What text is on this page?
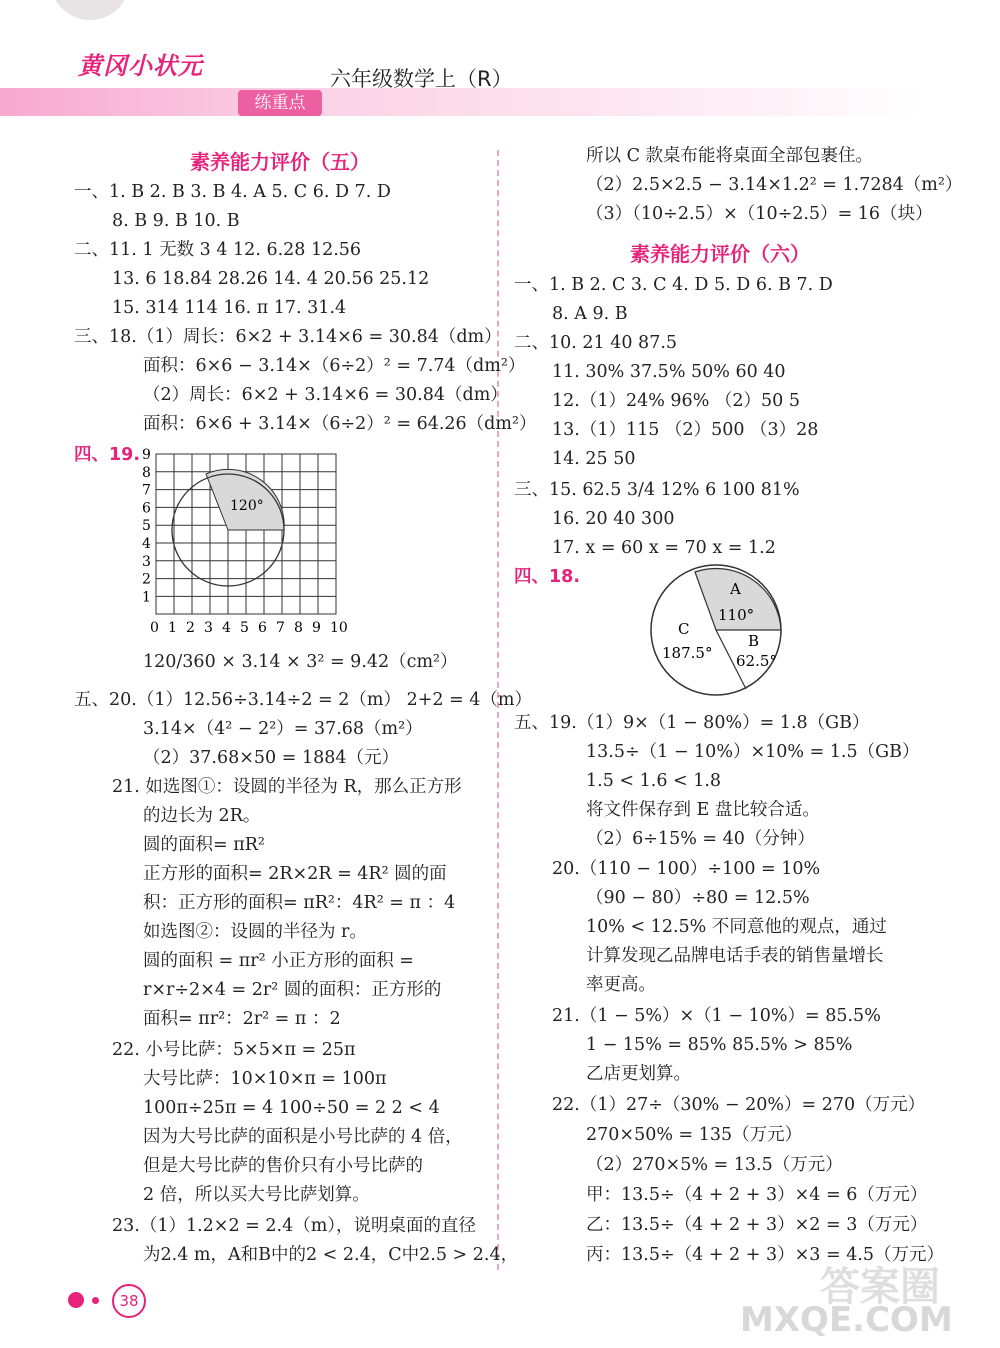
黄冈小状元
练重点
六年级数学上（R）
素养能力评价（五）
一、1. B 2. B 3. B 4. A 5. C 6. D 7. D
8. B 9. B 10. B
二、11. 1 无数 3 4 12. 6.28 12.56
13. 6 18.84 28.26 14. 4 20.56 25.12
15. 314 114 16. π 17. 31.4
三、18.（1）周长：6×2 + 3.14×6 = 30.84（dm）
面积：6×6 − 3.14×（6÷2）² = 7.74（dm²）
（2）周长：6×2 + 3.14×6 = 30.84（dm）
面积：6×6 + 3.14×（6÷2）² = 64.26（dm²）
四、19.
120°
9
8
7
6
5
4
3
2
1
0 1 2 3 4 5 6 7 8 9 10
120/360 × 3.14 × 3² = 9.42（cm²）
五、20.（1）12.56÷3.14÷2 = 2（m） 2+2 = 4（m）
3.14×（4² − 2²）= 37.68（m²）
（2）37.68×50 = 1884（元）
21. 如选图①：设圆的半径为 R，那么正方形
的边长为 2R。
圆的面积= πR²
正方形的面积= 2R×2R = 4R² 圆的面
积：正方形的面积= πR²：4R² = π ：4
如选图②：设圆的半径为 r。
圆的面积 = πr² 小正方形的面积 =
r×r÷2×4 = 2r² 圆的面积：正方形的
面积= πr²：2r² = π ：2
22. 小号比萨：5×5×π = 25π
大号比萨：10×10×π = 100π
100π÷25π = 4 100÷50 = 2 2 < 4
因为大号比萨的面积是小号比萨的 4 倍，
但是大号比萨的售价只有小号比萨的
2 倍，所以买大号比萨划算。
23.（1）1.2×2 = 2.4（m），说明桌面的直径
为2.4 m，A和B中的2 < 2.4，C中2.5 > 2.4，
所以 C 款桌布能将桌面全部包裹住。
（2）2.5×2.5 − 3.14×1.2² = 1.7284（m²）
（3）（10÷2.5）×（10÷2.5）= 16（块）
素养能力评价（六）
一、1. B 2. C 3. C 4. D 5. D 6. B 7. D
8. A 9. B
二、10. 21 40 87.5
11. 30% 37.5% 50% 60 40
12.（1）24% 96% （2）50 5
13.（1）115 （2）500 （3）28
14. 25 50
三、15. 62.5 3/4 12% 6 100 81%
16. 20 40 300
17. x = 60 x = 70 x = 1.2
四、18.
A
110°
B
62.5°
C
187.5°
五、19.（1）9×（1 − 80%）= 1.8（GB）
13.5÷（1 − 10%）×10% = 1.5（GB）
1.5 < 1.6 < 1.8
将文件保存到 E 盘比较合适。
（2）6÷15% = 40（分钟）
20.（110 − 100）÷100 = 10%
（90 − 80）÷80 = 12.5%
10% < 12.5% 不同意他的观点，通过
计算发现乙品牌电话手表的销售量增长
率更高。
21.（1 − 5%）×（1 − 10%）= 85.5%
1 − 15% = 85% 85.5% > 85%
乙店更划算。
22.（1）27÷（30% − 20%）= 270（万元）
270×50% = 135（万元）
（2）270×5% = 13.5（万元）
甲：13.5÷（4 + 2 + 3）×4 = 6（万元）
乙：13.5÷（4 + 2 + 3）×2 = 3（万元）
丙：13.5÷（4 + 2 + 3）×3 = 4.5（万元）
38	答案圈
MXQE.COM
